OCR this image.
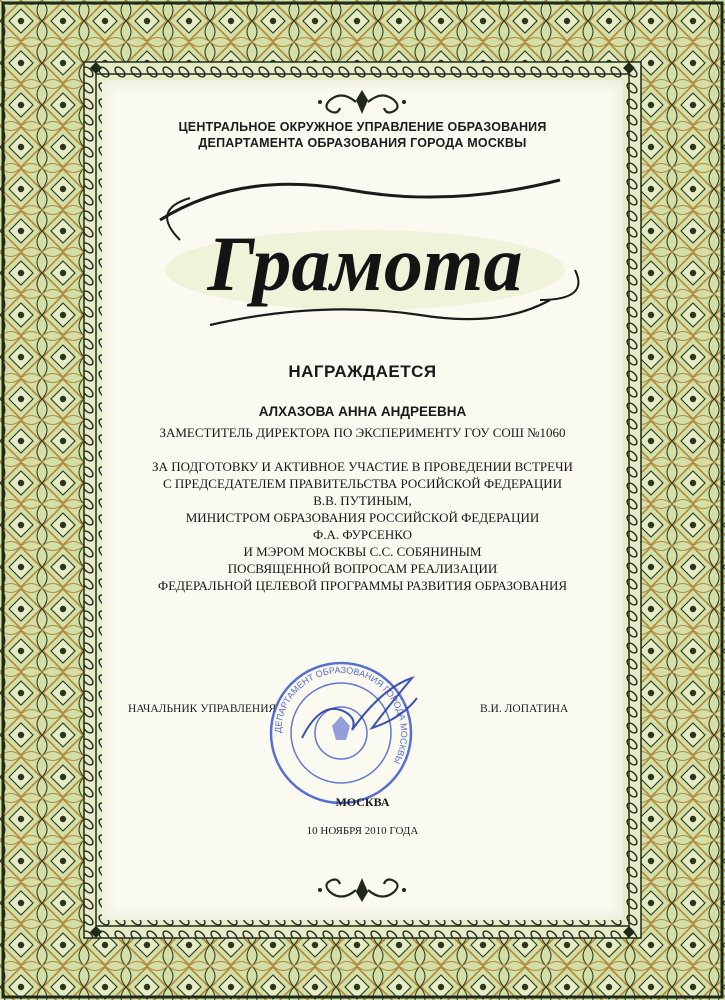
ЦЕНТРАЛЬНОЕ ОКРУЖНОЕ УПРАВЛЕНИЕ ОБРАЗОВАНИЯ
ДЕПАРТАМЕНТА ОБРАЗОВАНИЯ ГОРОДА МОСКВЫ
Грамота
НАГРАЖДАЕТСЯ
АЛХАЗОВА АННА АНДРЕЕВНА
ЗАМЕСТИТЕЛЬ ДИРЕКТОРА ПО ЭКСПЕРИМЕНТУ ГОУ СОШ №1060
ЗА ПОДГОТОВКУ И АКТИВНОЕ УЧАСТИЕ В ПРОВЕДЕНИИ ВСТРЕЧИ
С ПРЕДСЕДАТЕЛЕМ ПРАВИТЕЛЬСТВА РОСИЙСКОЙ ФЕДЕРАЦИИ
В.В. ПУТИНЫМ,
МИНИСТРОМ ОБРАЗОВАНИЯ РОССИЙСКОЙ ФЕДЕРАЦИИ
Ф.А. ФУРСЕНКО
И МЭРОМ МОСКВЫ С.С. СОБЯНИНЫМ
ПОСВЯЩЕННОЙ ВОПРОСАМ РЕАЛИЗАЦИИ
ФЕДЕРАЛЬНОЙ ЦЕЛЕВОЙ ПРОГРАММЫ РАЗВИТИЯ ОБРАЗОВАНИЯ
НАЧАЛЬНИК УПРАВЛЕНИЯ	В.И. ЛОПАТИНА
ДЕПАРТАМЕНТ ОБРАЗОВАНИЯ ГОРОДА МОСКВЫ
МОСКВА
10 НОЯБРЯ 2010 ГОДА
